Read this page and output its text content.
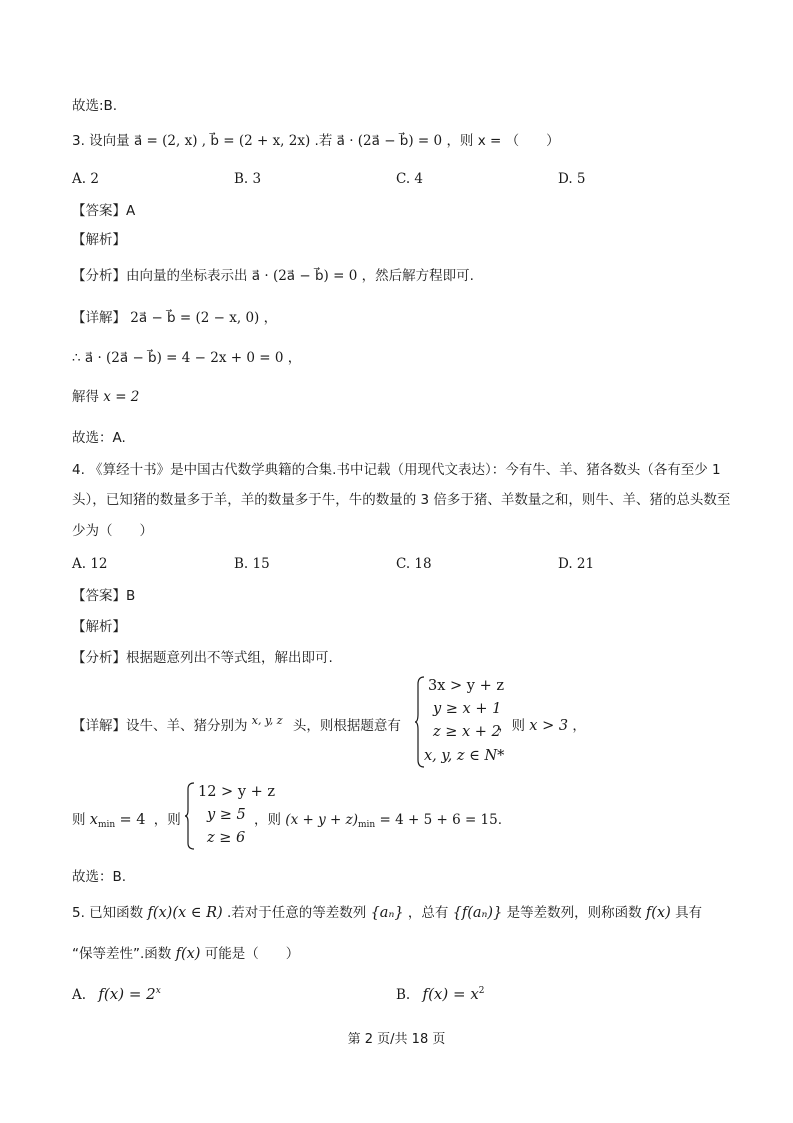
故选:B.
3. 设向量 a⃗ = (2, x) , b⃗ = (2 + x, 2x) .若 a⃗ · (2a⃗ − b⃗) = 0 ，则 x = （　　）
A. 2	B. 3	C. 4	D. 5
【答案】A
【解析】
【分析】由向量的坐标表示出 a⃗ · (2a⃗ − b⃗) = 0 ，然后解方程即可.
【详解】 2a⃗ − b⃗ = (2 − x, 0) ，
∴ a⃗ · (2a⃗ − b⃗) = 4 − 2x + 0 = 0 ，
解得 x = 2
故选：A.
4. 《算经十书》是中国古代数学典籍的合集.书中记载（用现代文表达）：今有牛、羊、猪各数头（各有至少 1
头），已知猪的数量多于羊，羊的数量多于牛，牛的数量的 3 倍多于猪、羊数量之和，则牛、羊、猪的总头数至
少为（　　）
A. 12	B. 15	C. 18	D. 21
【答案】B
【解析】
【分析】根据题意列出不等式组，解出即可.
【详解】设牛、羊、猪分别为 $^{x, y, z}$ 头，则根据题意有
3x > y + z
y ≥ x + 1
z ≥ x + 2
x, y, z ∈ N*
，则 x > 3 ，
则 $x_{min} = 4$ ，则
12 > y + z
y ≥ 5
z ≥ 6
，则 $(x + y + z)_{min} = 4 + 5 + 6 = 15$.
故选：B.
5. 已知函数 f(x)(x ∈ R) .若对于任意的等差数列 {aₙ} ，总有 {f(aₙ)} 是等差数列，则称函数 f(x) 具有
“保等差性”.函数 f(x) 可能是（　　）
A. $f(x) = 2^x$	B. $f(x) = x^2$
第 2 页/共 18 页
